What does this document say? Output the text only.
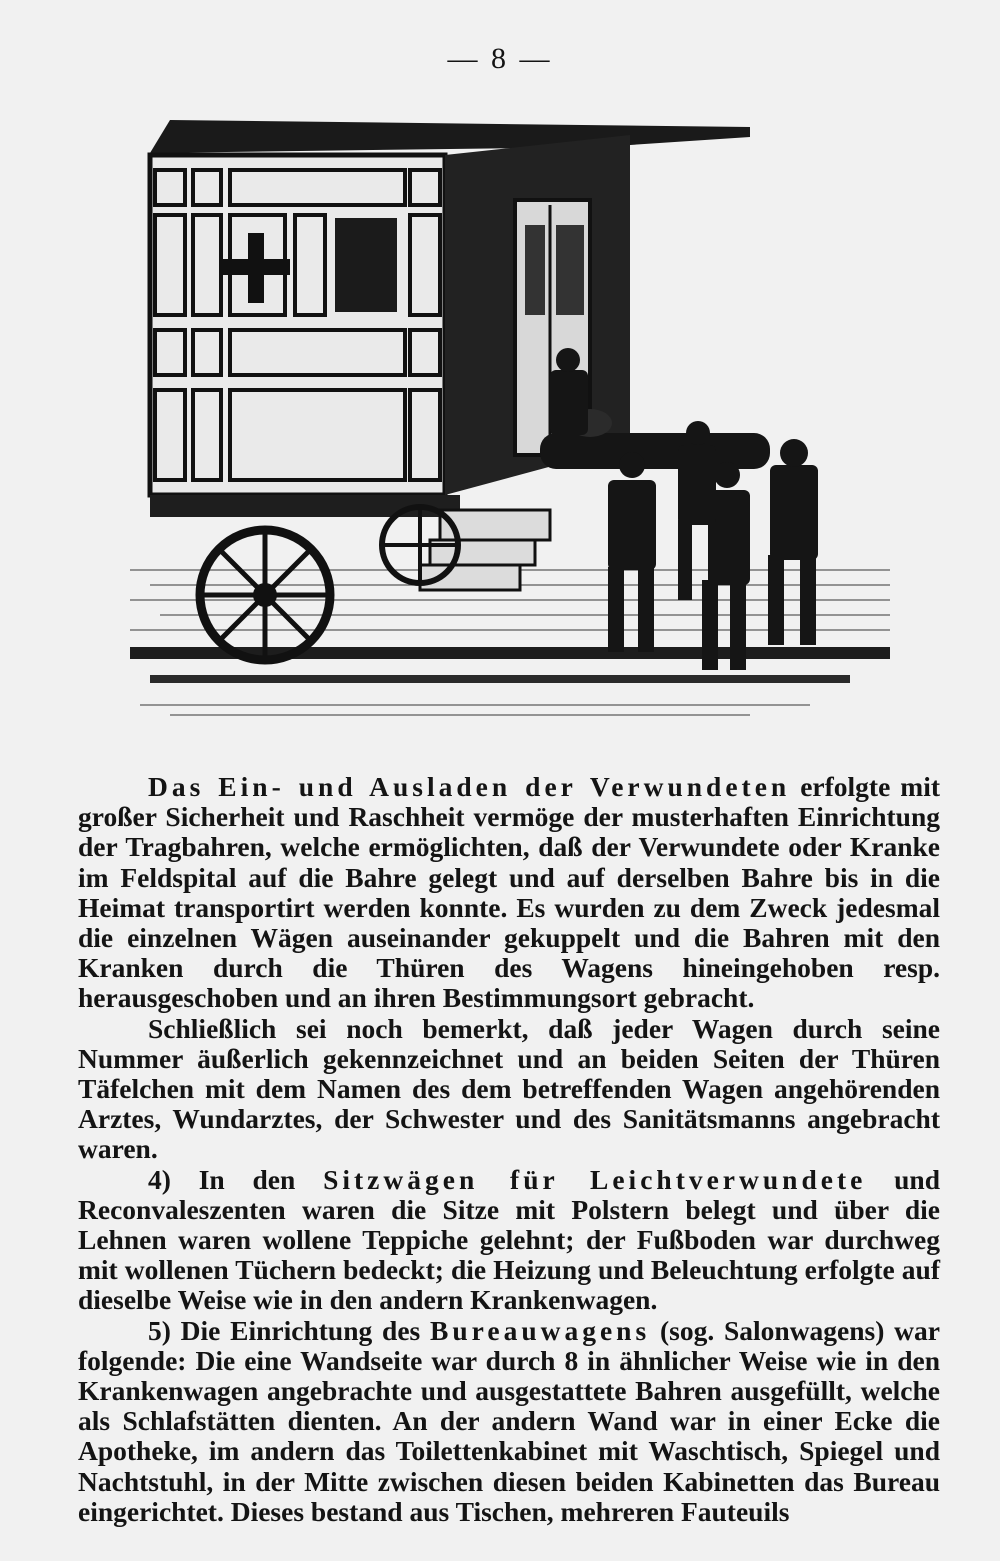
— 8 —

Das Ein- und Ausladen der Verwundeten erfolgte mit großer Sicherheit und Raschheit vermöge der musterhaften Einrichtung der Tragbahren, welche ermöglichten, daß der Verwundete oder Kranke im Feldspital auf die Bahre gelegt und auf derselben Bahre bis in die Heimat transportirt werden konnte. Es wurden zu dem Zweck jedesmal die einzelnen Wägen auseinander gekuppelt und die Bahren mit den Kranken durch die Thüren des Wagens hineingehoben resp. herausgeschoben und an ihren Bestimmungsort gebracht.

Schließlich sei noch bemerkt, daß jeder Wagen durch seine Nummer äußerlich gekennzeichnet und an beiden Seiten der Thüren Täfelchen mit dem Namen des dem betreffenden Wagen angehörenden Arztes, Wundarztes, der Schwester und des Sanitätsmanns angebracht waren.

4) In den Sitzwägen für Leichtverwundete und Reconvaleszenten waren die Sitze mit Polstern belegt und über die Lehnen waren wollene Teppiche gelehnt; der Fußboden war durchweg mit wollenen Tüchern bedeckt; die Heizung und Beleuchtung erfolgte auf dieselbe Weise wie in den andern Krankenwagen.

5) Die Einrichtung des Bureauwagens (sog. Salonwagens) war folgende: Die eine Wandseite war durch 8 in ähnlicher Weise wie in den Krankenwagen angebrachte und ausgestattete Bahren ausgefüllt, welche als Schlafstätten dienten. An der andern Wand war in einer Ecke die Apotheke, im andern das Toilettenkabinet mit Waschtisch, Spiegel und Nachtstuhl, in der Mitte zwischen diesen beiden Kabinetten das Bureau eingerichtet. Dieses bestand aus Tischen, mehreren Fauteuils
